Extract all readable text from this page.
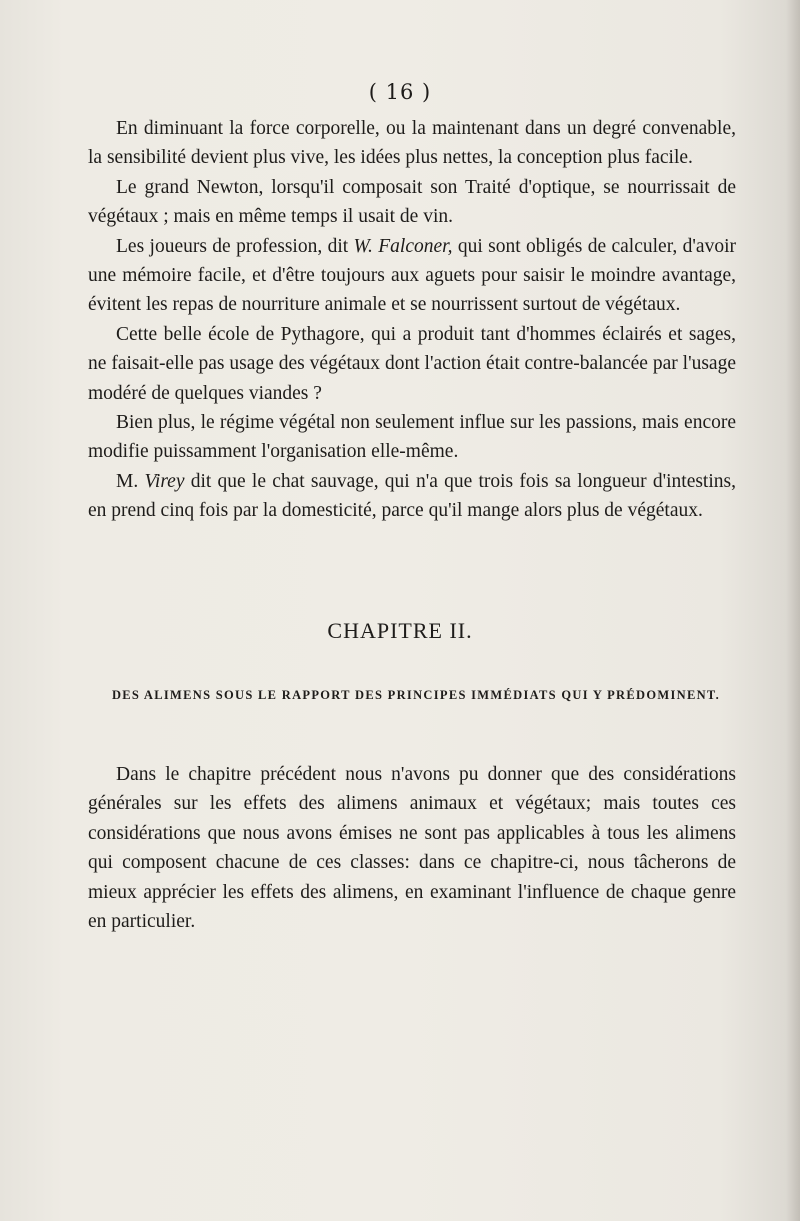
( 16 )

En diminuant la force corporelle, ou la maintenant dans un degré convenable, la sensibilité devient plus vive, les idées plus nettes, la conception plus facile.

Le grand Newton, lorsqu'il composait son Traité d'optique, se nourrissait de végétaux ; mais en même temps il usait de vin.

Les joueurs de profession, dit W. Falconer, qui sont obligés de calculer, d'avoir une mémoire facile, et d'être toujours aux aguets pour saisir le moindre avantage, évitent les repas de nourriture animale et se nourrissent surtout de végétaux.

Cette belle école de Pythagore, qui a produit tant d'hommes éclairés et sages, ne faisait-elle pas usage des végétaux dont l'action était contre-balancée par l'usage modéré de quelques viandes ?

Bien plus, le régime végétal non seulement influe sur les passions, mais encore modifie puissamment l'organisation elle-même.

M. Virey dit que le chat sauvage, qui n'a que trois fois sa longueur d'intestins, en prend cinq fois par la domesticité, parce qu'il mange alors plus de végétaux.

CHAPITRE II.
DES ALIMENS SOUS LE RAPPORT DES PRINCIPES IMMÉDIATS QUI Y PRÉDOMINENT.

Dans le chapitre précédent nous n'avons pu donner que des considérations générales sur les effets des alimens animaux et végétaux; mais toutes ces considérations que nous avons émises ne sont pas applicables à tous les alimens qui composent chacune de ces classes: dans ce chapitre-ci, nous tâcherons de mieux apprécier les effets des alimens, en examinant l'influence de chaque genre en particulier.
